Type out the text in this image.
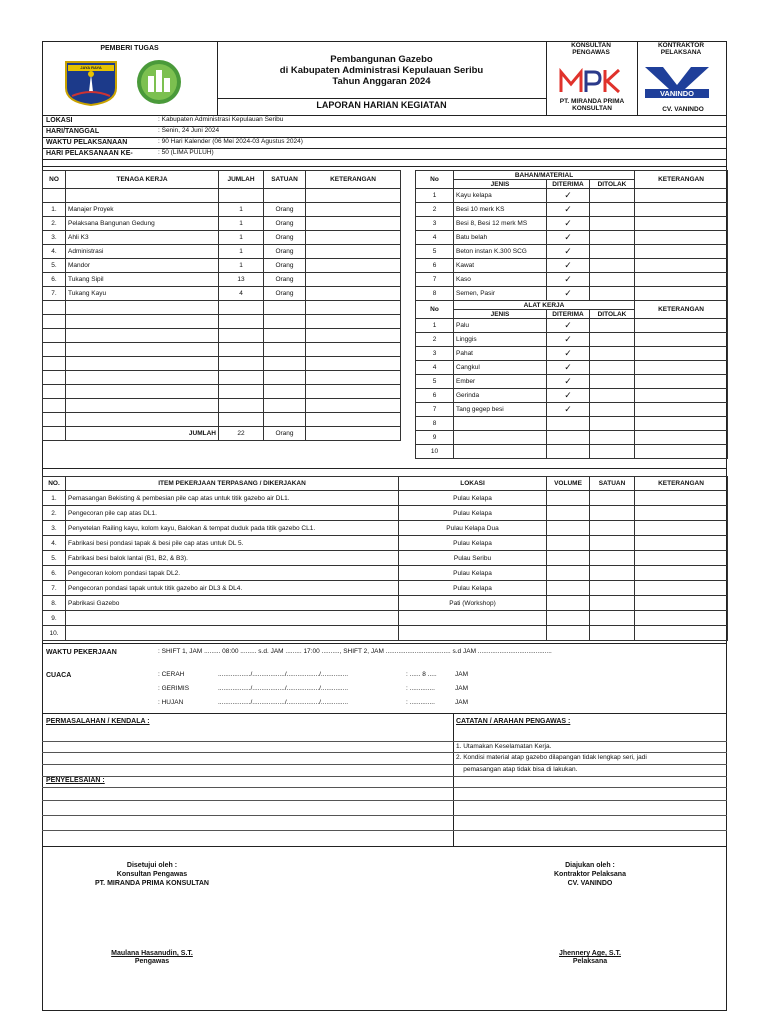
PEMBERI TUGAS
JAYA RAYA
Pembangunan Gazebo
di Kabupaten Administrasi Kepulauan Seribu
Tahun Anggaran 2024
LAPORAN HARIAN KEGIATAN
KONSULTAN PENGAWAS
PT. MIRANDA PRIMA KONSULTAN
KONTRAKTOR PELAKSANA
VANINDO
CV. VANINDO
LOKASI	: Kabupaten Administrasi Kepulauan Seribu
HARI/TANGGAL	: Senin, 24 Juni 2024
WAKTU PELAKSANAAN	: 90 Hari Kalender (06 Mei 2024-03 Agustus 2024)
HARI PELAKSANAAN KE-	: 50 (LIMA PULUH)
NO	TENAGA KERJA	JUMLAH	SATUAN	KETERANGAN

1.	Manajer Proyek	1	Orang	
2.	Pelaksana Bangunan Gedung	1	Orang	
3.	Ahli K3	1	Orang	
4.	Administrasi	1	Orang	
5.	Mandor	1	Orang	
6.	Tukang Sipil	13	Orang	
7.	Tukang Kayu	4	Orang	

	JUMLAH	22	Orang	
No	BAHAN/MATERIAL			KETERANGAN
	JENIS	DITERIMA	DITOLAK	
1	Kayu kelapa	✓		
2	Besi 10 merk KS	✓		
3	Besi 8, Besi 12 merk MS	✓		
4	Batu belah	✓		
5	Beton instan K.300 SCG	✓		
6	Kawat	✓		
7	Kaso	✓		
8	Semen, Pasir	✓		
No	ALAT KERJA			KETERANGAN
	JENIS	DITERIMA	DITOLAK	
1	Palu	✓		
2	Linggis	✓		
3	Pahat	✓		
4	Cangkul	✓		
5	Ember	✓		
6	Gerinda	✓		
7	Tang gegep besi	✓		
8				
9				
10				
NO.	ITEM PEKERJAAN TERPASANG / DIKERJAKAN	LOKASI	VOLUME	SATUAN	KETERANGAN
1.	Pemasangan Bekisting & pembesian pile cap atas untuk titik gazebo air DL1.	Pulau Kelapa			
2.	Pengecoran pile cap atas DL1.	Pulau Kelapa			
3.	Penyetelan Railing kayu, kolom kayu, Balokan & tempat duduk pada titik gazebo CL1.	Pulau Kelapa Dua			
4.	Fabrikasi besi pondasi tapak & besi pile cap atas untuk DL 5.	Pulau Kelapa			
5.	Fabrikasi besi balok lantai (B1, B2, & B3).	Pulau Seribu			
6.	Pengecoran kolom pondasi tapak DL2.	Pulau Kelapa			
7.	Pengecoran pondasi tapak untuk titik gazebo air DL3 & DL4.	Pulau Kelapa			
8.	Pabrikasi Gazebo	Pati (Workshop)			
9.					
10.					
WAKTU PEKERJAAN	: SHIFT 1, JAM ......... 08:00 ......... s.d. JAM ......... 17:00 .........., SHIFT 2, JAM .................................... s.d JAM .........................................
CUACA	: CERAH	................../................../................../...............	: ...... 8 .....	JAM
: GERIMIS	................../................../................../...............	: ..............	JAM
: HUJAN	................../................../................../...............	: ..............	JAM
PERMASALAHAN / KENDALA :	CATATAN / ARAHAN PENGAWAS :
1. Utamakan Keselamatan Kerja.
2. Kondisi material atap gazebo dilapangan tidak lengkap seri, jadi
pemasangan atap tidak bisa di lakukan.
PENYELESAIAN :
Disetujui oleh :
Konsultan Pengawas
PT. MIRANDA PRIMA KONSULTAN
Diajukan oleh :
Kontraktor Pelaksana
CV. VANINDO
Maulana Hasanudin, S.T.
Pengawas
Jhennery Age, S.T.
Pelaksana
